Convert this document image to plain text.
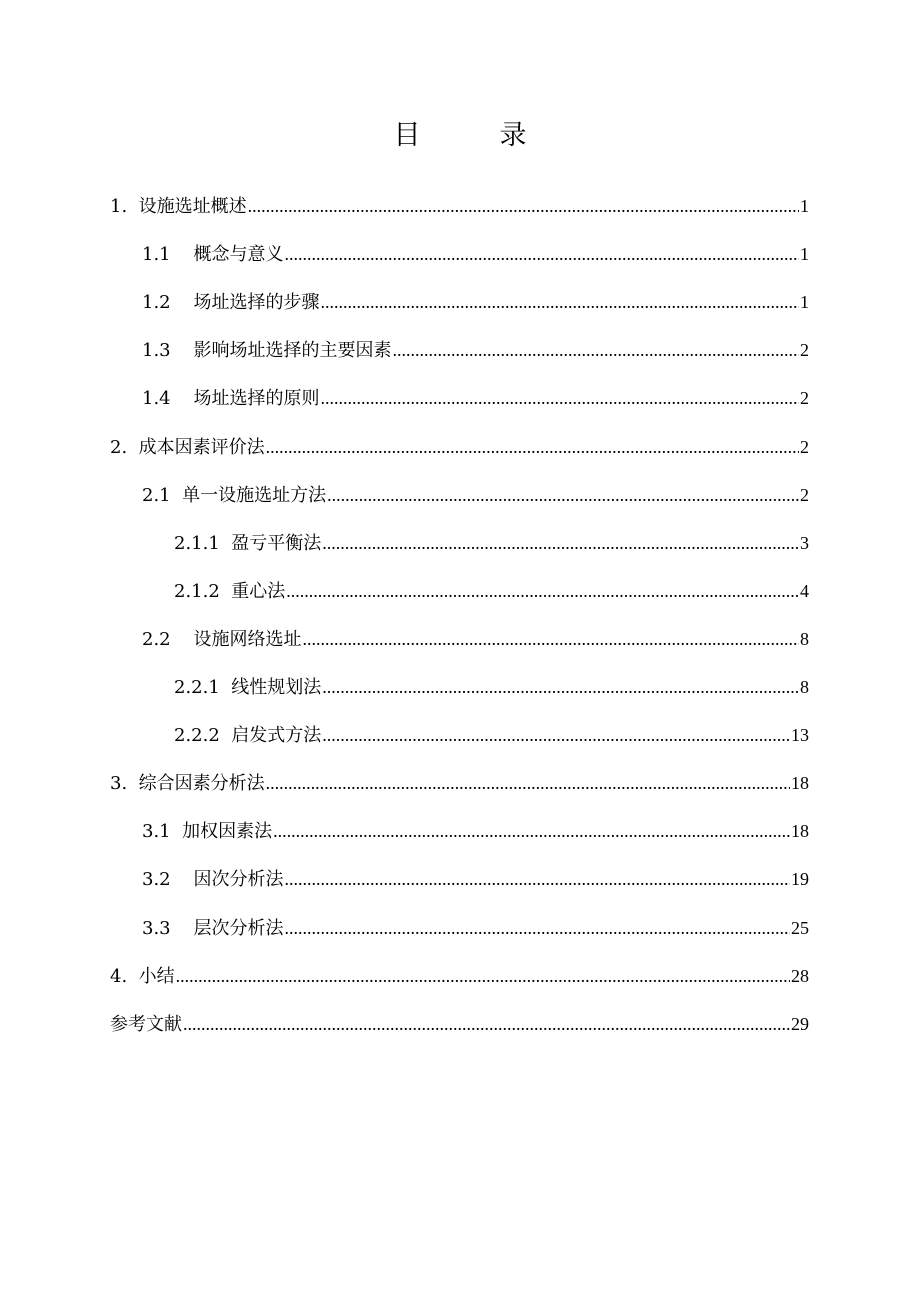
目　录
1. 设施选址概述 .....	1
1.1 概念与意义 .....	1
1.2 场址选择的步骤 .....	1
1.3 影响场址选择的主要因素 .....	2
1.4 场址选择的原则 .....	2
2. 成本因素评价法 .....	2
2.1 单一设施选址方法 .....	2
2.1.1 盈亏平衡法 .....	3
2.1.2 重心法 .....	4
2.2 设施网络选址 .....	8
2.2.1 线性规划法 .....	8
2.2.2 启发式方法 .....	13
3. 综合因素分析法 .....	18
3.1 加权因素法 .....	18
3.2 因次分析法 .....	19
3.3 层次分析法 .....	25
4. 小结 .....	28
参考文献 .....	29
